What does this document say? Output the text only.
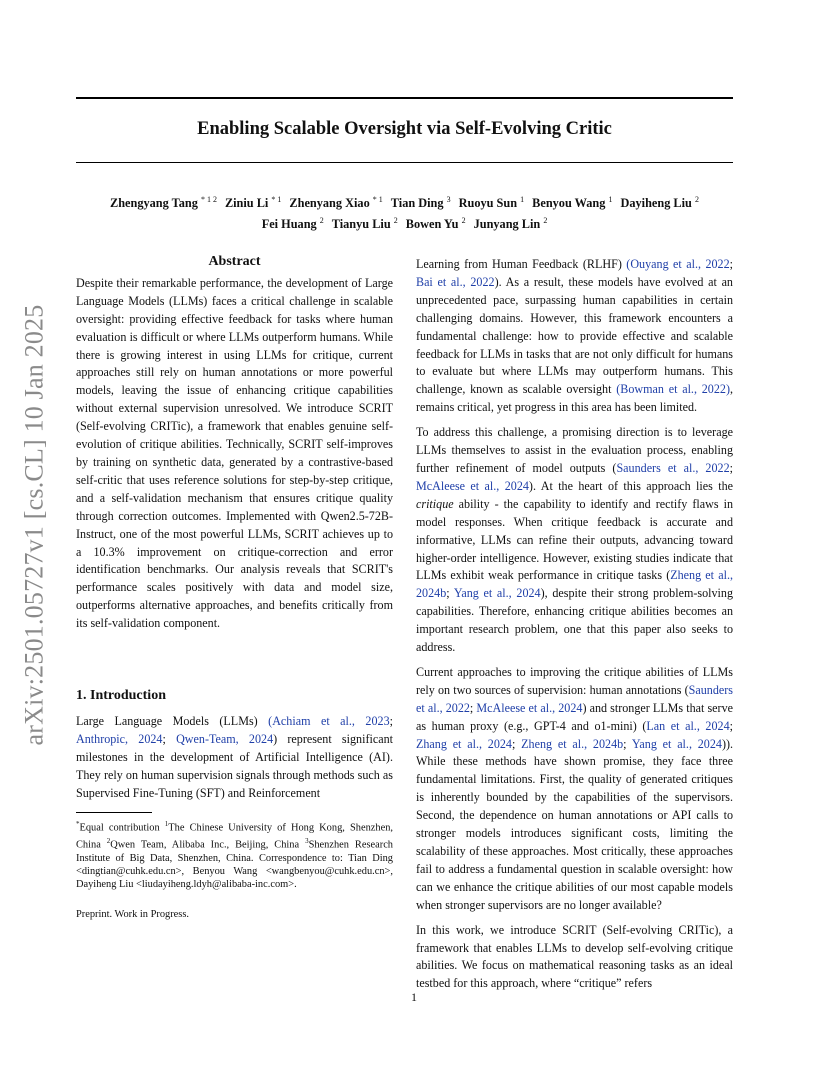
arXiv:2501.05727v1 [cs.CL] 10 Jan 2025
Enabling Scalable Oversight via Self-Evolving Critic
Zhengyang Tang $^{* 1 2}$ Ziniu Li $^{* 1}$ Zhenyang Xiao $^{* 1}$ Tian Ding $^3$ Ruoyu Sun $^1$ Benyou Wang $^1$ Dayiheng Liu $^2$
Fei Huang $^2$ Tianyu Liu $^2$ Bowen Yu $^2$ Junyang Lin $^2$
Abstract

Despite their remarkable performance, the development of Large Language Models (LLMs) faces a critical challenge in scalable oversight: providing effective feedback for tasks where human evaluation is difficult or where LLMs outperform humans. While there is growing interest in using LLMs for critique, current approaches still rely on human annotations or more powerful models, leaving the issue of enhancing critique capabilities without external supervision unresolved. We introduce SCRIT (Self-evolving CRITic), a framework that enables genuine self-evolution of critique abilities. Technically, SCRIT self-improves by training on synthetic data, generated by a contrastive-based self-critic that uses reference solutions for step-by-step critique, and a self-validation mechanism that ensures critique quality through correction outcomes. Implemented with Qwen2.5-72B-Instruct, one of the most powerful LLMs, SCRIT achieves up to a 10.3% improvement on critique-correction and error identification benchmarks. Our analysis reveals that SCRIT's performance scales positively with data and model size, outperforms alternative approaches, and benefits critically from its self-validation component.

1. Introduction

Large Language Models (LLMs) (Achiam et al., 2023; Anthropic, 2024; Qwen-Team, 2024) represent significant milestones in the development of Artificial Intelligence (AI). They rely on human supervision signals through methods such as Supervised Fine-Tuning (SFT) and Reinforcement

*Equal contribution $^1$The Chinese University of Hong Kong, Shenzhen, China $^2$Qwen Team, Alibaba Inc., Beijing, China $^3$Shenzhen Research Institute of Big Data, Shenzhen, China. Correspondence to: Tian Ding <dingtian@cuhk.edu.cn>, Benyou Wang <wangbenyou@cuhk.edu.cn>, Dayiheng Liu <liudayiheng.ldyh@alibaba-inc.com>.
Preprint. Work in Progress.

Learning from Human Feedback (RLHF) (Ouyang et al., 2022; Bai et al., 2022). As a result, these models have evolved at an unprecedented pace, surpassing human capabilities in certain challenging domains. However, this framework encounters a fundamental challenge: how to provide effective and scalable feedback for LLMs in tasks that are not only difficult for humans to evaluate but where LLMs may outperform humans. This challenge, known as scalable oversight (Bowman et al., 2022), remains critical, yet progress in this area has been limited.

To address this challenge, a promising direction is to leverage LLMs themselves to assist in the evaluation process, enabling further refinement of model outputs (Saunders et al., 2022; McAleese et al., 2024). At the heart of this approach lies the critique ability - the capability to identify and rectify flaws in model responses. When critique feedback is accurate and informative, LLMs can refine their outputs, advancing toward higher-order intelligence. However, existing studies indicate that LLMs exhibit weak performance in critique tasks (Zheng et al., 2024b; Yang et al., 2024), despite their strong problem-solving capabilities. Therefore, enhancing critique abilities becomes an important research problem, one that this paper also seeks to address.

Current approaches to improving the critique abilities of LLMs rely on two sources of supervision: human annotations (Saunders et al., 2022; McAleese et al., 2024) and stronger LLMs that serve as human proxy (e.g., GPT-4 and o1-mini) (Lan et al., 2024; Zhang et al., 2024; Zheng et al., 2024b; Yang et al., 2024)). While these methods have shown promise, they face three fundamental limitations. First, the quality of generated critiques is inherently bounded by the capabilities of the supervisors. Second, the dependence on human annotations or API calls to stronger models introduces significant costs, limiting the scalability of these approaches. Most critically, these approaches fail to address a fundamental question in scalable oversight: how can we enhance the critique abilities of our most capable models when stronger supervisors are no longer available?

In this work, we introduce SCRIT (Self-evolving CRITic), a framework that enables LLMs to develop self-evolving critique abilities. We focus on mathematical reasoning tasks as an ideal testbed for this approach, where “critique” refers

1
